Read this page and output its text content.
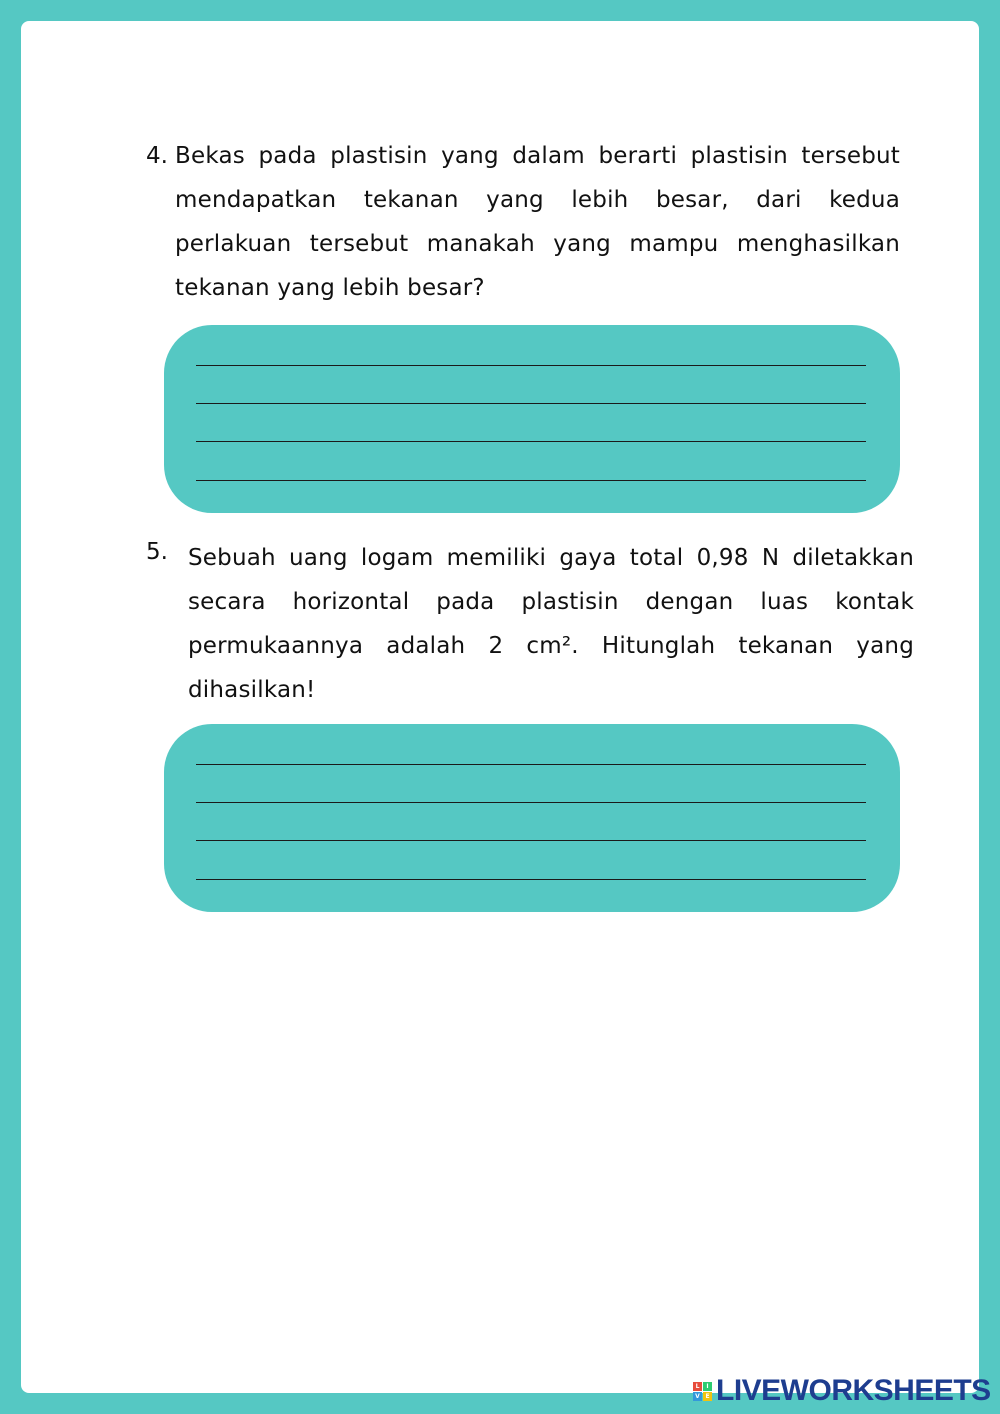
4. Bekas pada plastisin yang dalam berarti plastisin tersebut mendapatkan tekanan yang lebih besar, dari kedua perlakuan tersebut manakah yang mampu menghasilkan tekanan yang lebih besar?
5. Sebuah uang logam memiliki gaya total 0,98 N diletakkan secara horizontal pada plastisin dengan luas kontak permukaannya adalah 2 cm². Hitunglah tekanan yang dihasilkan!
L	I
V E LIVEWORKSHEETS
